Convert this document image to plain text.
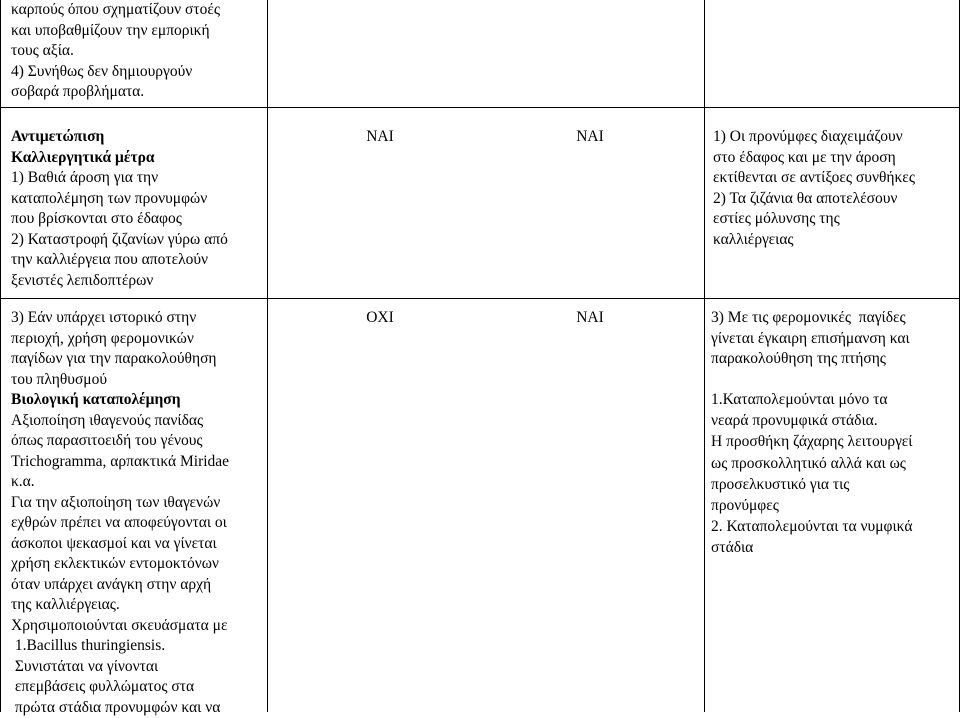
καρπούς όπου σχηματίζουν στοές
και υποβαθμίζουν την εμπορική
τους αξία.
4) Συνήθως δεν δημιουργούν
σοβαρά προβλήματα.
Αντιμετώπιση
Καλλιεργητικά μέτρα
1) Βαθιά άροση για την
καταπολέμηση των προνυμφών
που βρίσκονται στο έδαφος
2) Καταστροφή ζιζανίων γύρω από
την καλλιέργεια που αποτελούν
ξενιστές λεπιδοπτέρων
ΝΑΙ	ΝΑΙ	1) Οι προνύμφες διαχειμάζουν
στο έδαφος και με την άροση
εκτίθενται σε αντίξοες συνθήκες
2) Τα ζιζάνια θα αποτελέσουν
εστίες μόλυνσης της
καλλιέργειας
3) Εάν υπάρχει ιστορικό στην
περιοχή, χρήση φερομονικών
παγίδων για την παρακολούθηση
του πληθυσμού
Βιολογική καταπολέμηση
Αξιοποίηση ιθαγενούς πανίδας
όπως παρασιτοειδή του γένους
Trichogramma, αρπακτικά Miridae
κ.α.
Για την αξιοποίηση των ιθαγενών
εχθρών πρέπει να αποφεύγονται οι
άσκοποι ψεκασμοί και να γίνεται
χρήση εκλεκτικών εντομοκτόνων
όταν υπάρχει ανάγκη στην αρχή
της καλλιέργειας.
Χρησιμοποιούνται σκευάσματα με
1.Bacillus thuringiensis.
Συνιστάται να γίνονται
επεμβάσεις φυλλώματος στα
πρώτα στάδια προνυμφών και να
ΟΧΙ	ΝΑΙ	3) Με τις φερομονικές  παγίδες
γίνεται έγκαιρη επισήμανση και
παρακολούθηση της πτήσης
1.Καταπολεμούνται μόνο τα
νεαρά προνυμφικά στάδια.
Η προσθήκη ζάχαρης λειτουργεί
ως προσκολλητικό αλλά και ως
προσελκυστικό για τις
προνύμφες
2. Καταπολεμούνται τα νυμφικά
στάδια
